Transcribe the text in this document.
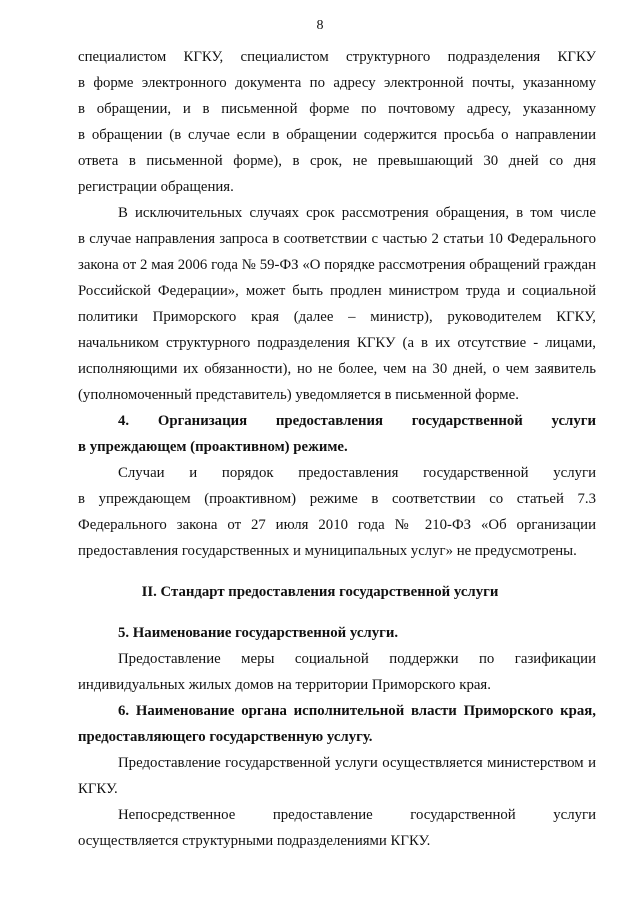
8
специалистом КГКУ, специалистом структурного подразделения КГКУ
в форме электронного документа по адресу электронной почты, указанному
в обращении, и в письменной форме по почтовому адресу, указанному
в обращении (в случае если в обращении содержится просьба о направлении
ответа в письменной форме), в срок, не превышающий 30 дней со дня
регистрации обращения.
В исключительных случаях срок рассмотрения обращения, в том числе
в случае направления запроса в соответствии с частью 2 статьи 10 Федерального
закона от 2 мая 2006 года № 59-ФЗ «О порядке рассмотрения обращений граждан
Российской Федерации», может быть продлен министром труда и социальной
политики Приморского края (далее – министр), руководителем КГКУ,
начальником структурного подразделения КГКУ (а в их отсутствие - лицами,
исполняющими их обязанности), но не более, чем на 30 дней, о чем заявитель
(уполномоченный представитель) уведомляется в письменной форме.
4. Организация предоставления государственной услуги
в упреждающем (проактивном) режиме.
Случаи и порядок предоставления государственной услуги
в упреждающем (проактивном) режиме в соответствии со статьей 7.3
Федерального закона от 27 июля 2010 года № 210-ФЗ «Об организации
предоставления государственных и муниципальных услуг» не предусмотрены.
II. Стандарт предоставления государственной услуги
5. Наименование государственной услуги.
Предоставление меры социальной поддержки по газификации
индивидуальных жилых домов на территории Приморского края.
6. Наименование органа исполнительной власти Приморского края,
предоставляющего государственную услугу.
Предоставление государственной услуги осуществляется министерством и
КГКУ.
Непосредственное предоставление государственной услуги
осуществляется структурными подразделениями КГКУ.
